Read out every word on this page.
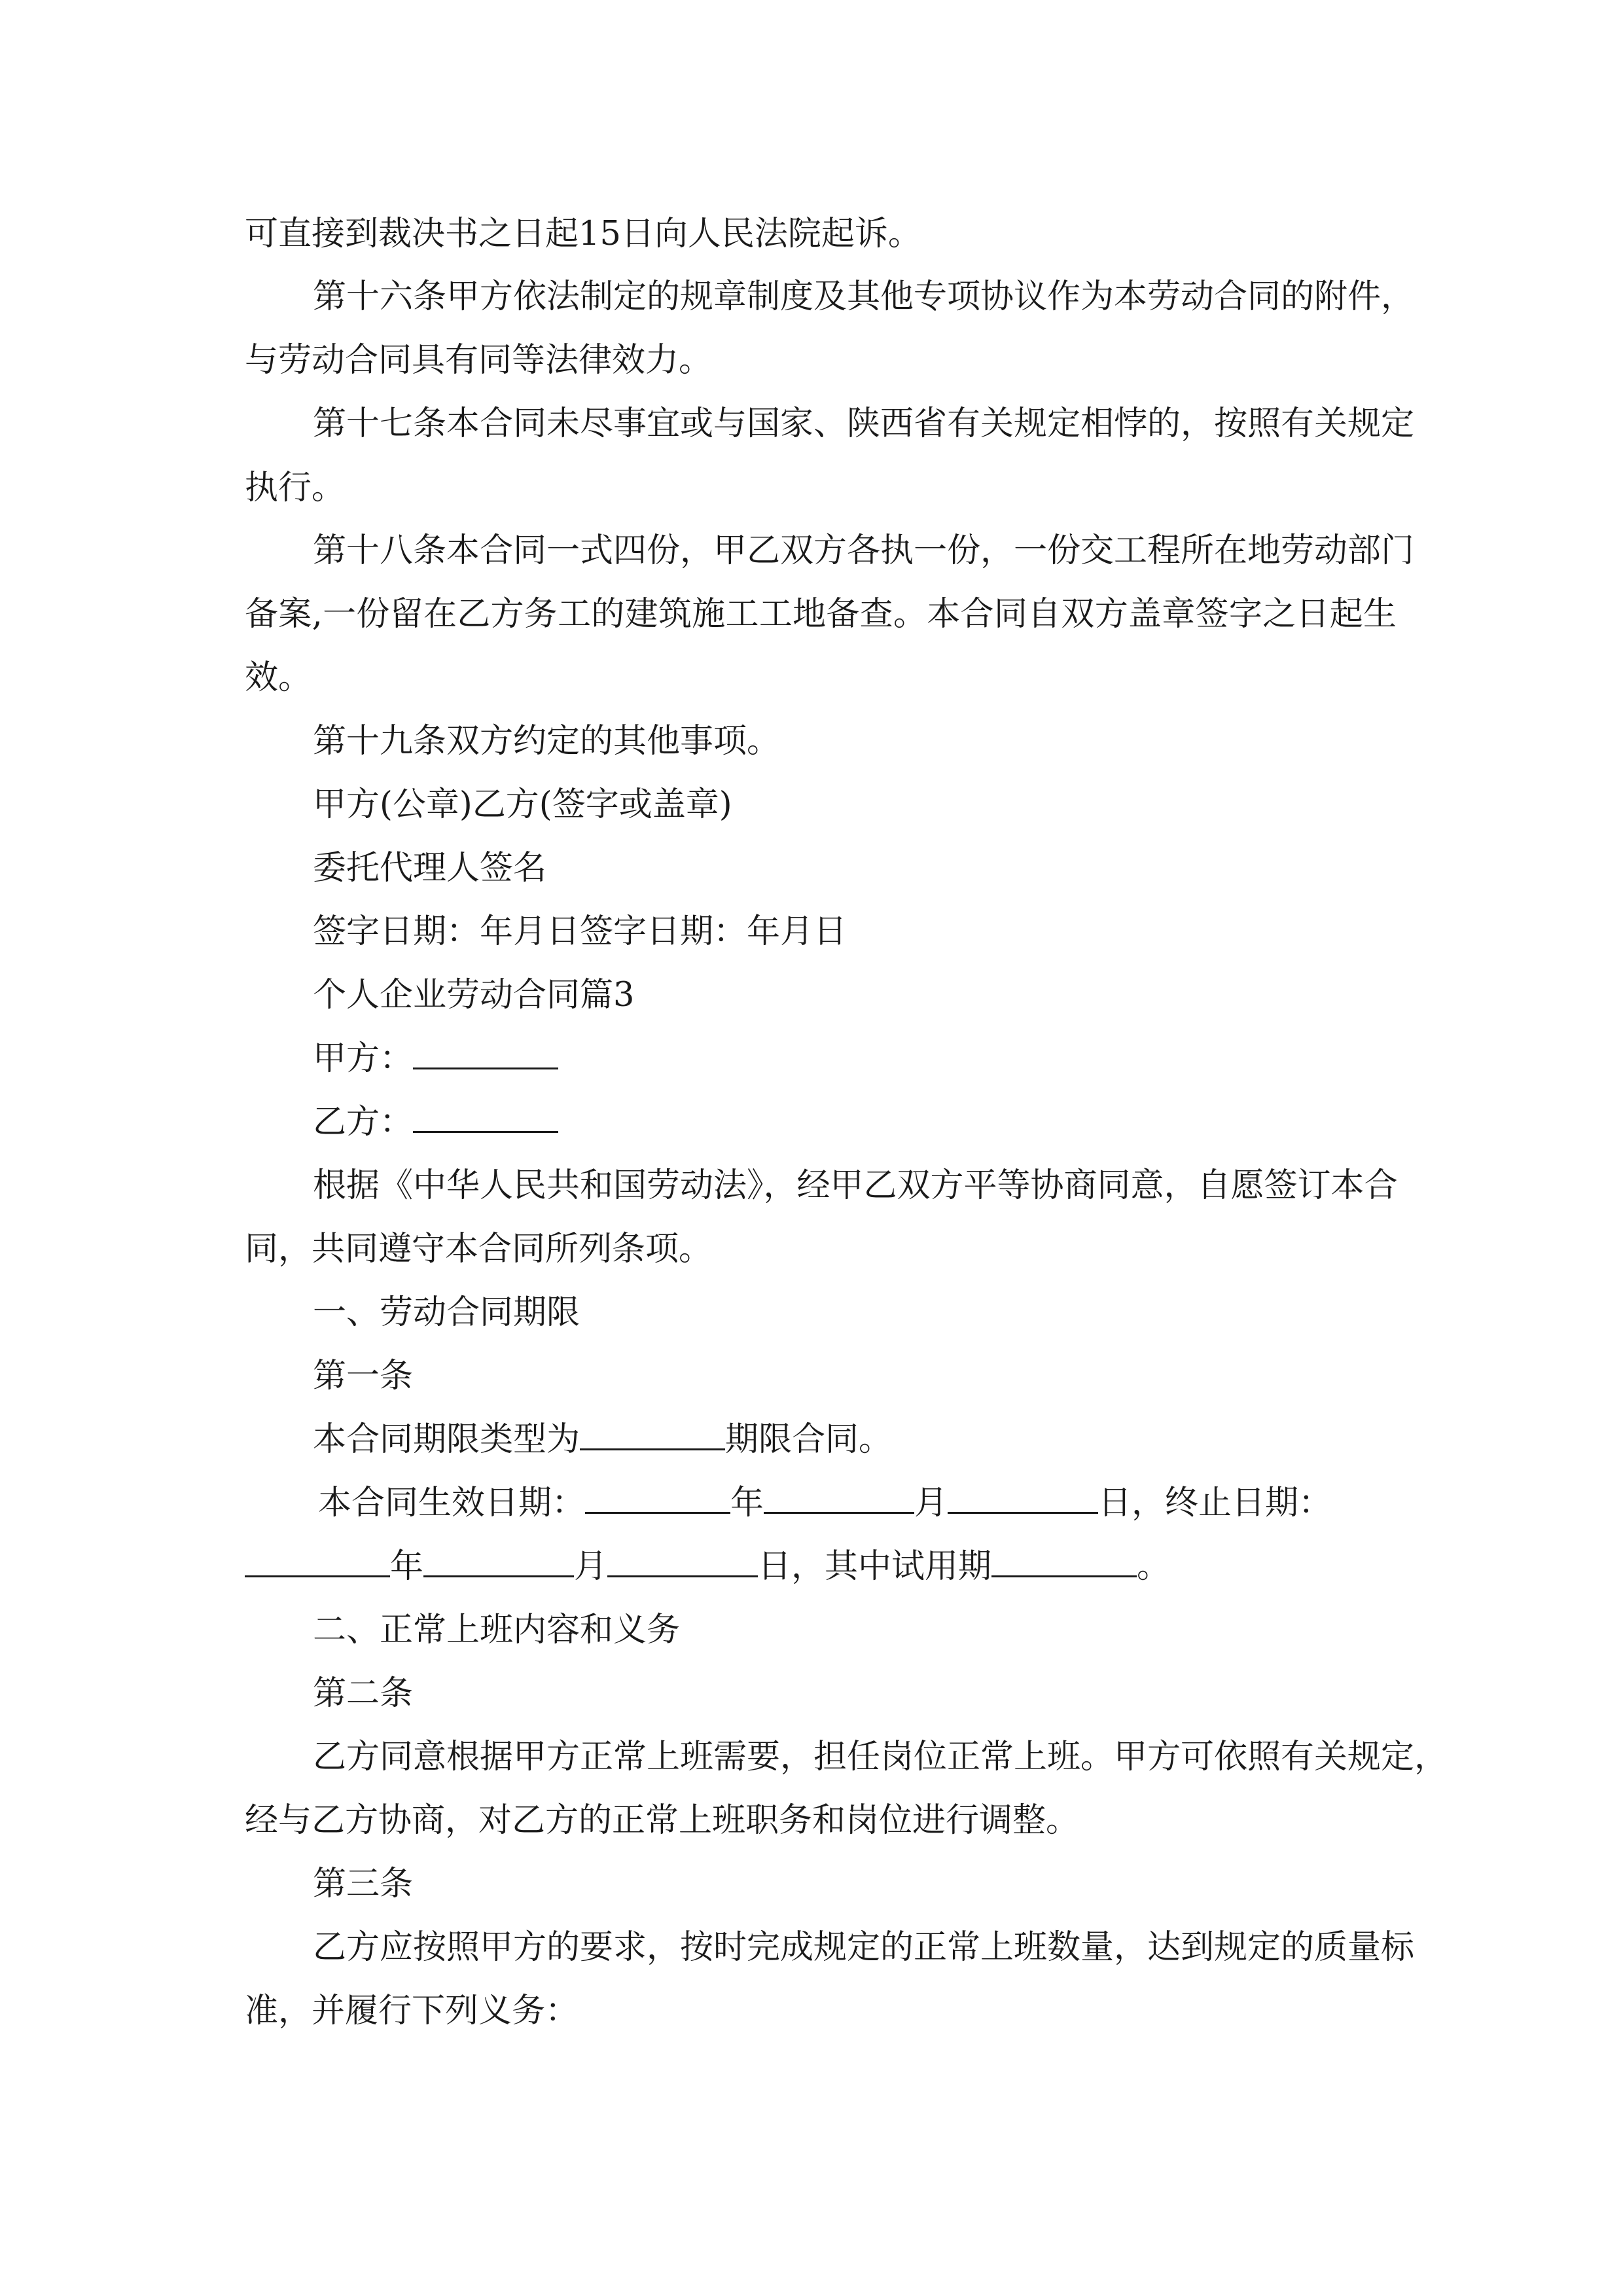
可直接到裁决书之日起15日向人民法院起诉。
第十六条甲方依法制定的规章制度及其他专项协议作为本劳动合同的附件，
与劳动合同具有同等法律效力。
第十七条本合同未尽事宜或与国家、陕西省有关规定相悖的，按照有关规定
执行。
第十八条本合同一式四份，甲乙双方各执一份，一份交工程所在地劳动部门
备案,一份留在乙方务工的建筑施工工地备查。本合同自双方盖章签字之日起生
效。
第十九条双方约定的其他事项。
甲方(公章)乙方(签字或盖章)
委托代理人签名
签字日期：年月日签字日期：年月日
个人企业劳动合同篇3
甲方：
乙方：
根据《中华人民共和国劳动法》，经甲乙双方平等协商同意，自愿签订本合
同，共同遵守本合同所列条项。
一、劳动合同期限
第一条
本合同期限类型为	期限合同。
本合同生效日期：	年	月	日，终止日期：
年	月	日，其中试用期	。
二、正常上班内容和义务
第二条
乙方同意根据甲方正常上班需要，担任岗位正常上班。甲方可依照有关规定，
经与乙方协商，对乙方的正常上班职务和岗位进行调整。
第三条
乙方应按照甲方的要求，按时完成规定的正常上班数量，达到规定的质量标
准，并履行下列义务：
